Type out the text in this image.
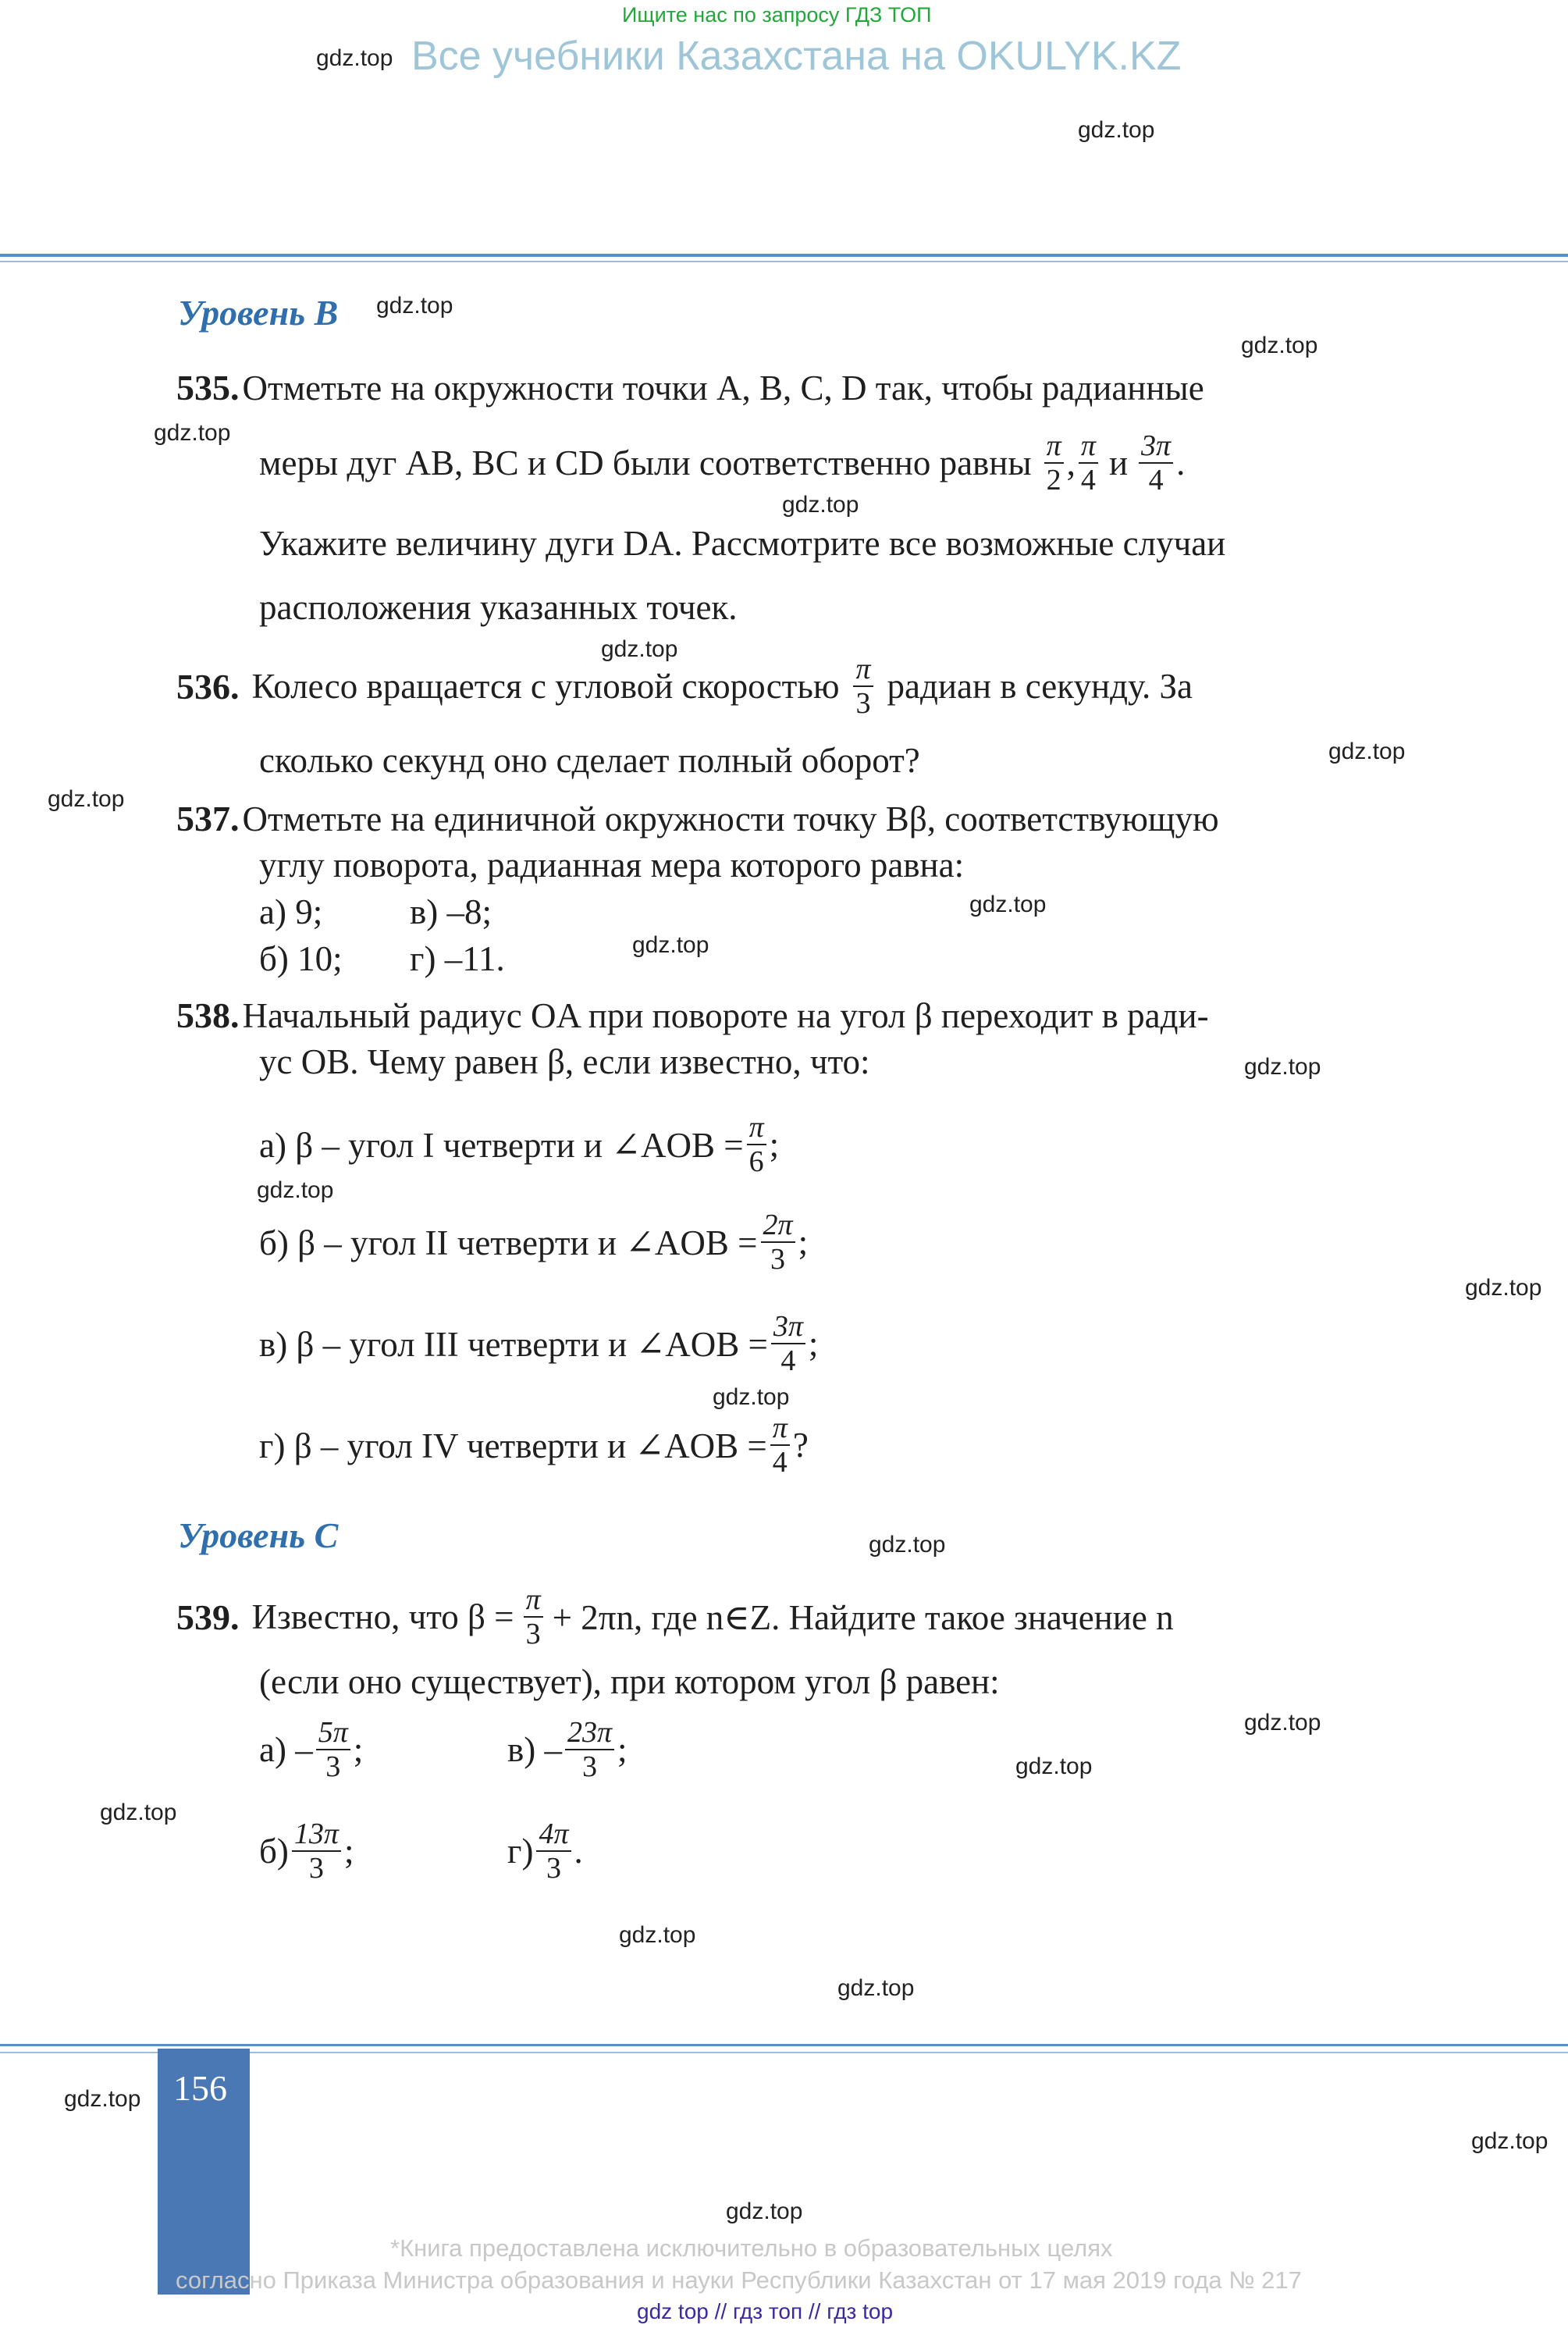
Ищите нас по запросу ГДЗ ТОП
gdz.top Все учебники Казахстана на OKULYK.KZ
gdz.top
Уровень В gdz.top
gdz.top
535. Отметьте на окружности точки A, B, C, D так, чтобы радианные
gdz.top
меры дуг AB, BC и CD были соответственно равны $\frac{\pi}{2}$ , $\frac{\pi}{4}$ и $\frac{3\pi}{4}$ .
gdz.top
Укажите величину дуги DA. Рассмотрите все возможные случаи
расположения указанных точек.
gdz.top
536. Колесо вращается с угловой скоростью $\frac{\pi}{3}$ радиан в секунду. За
gdz.top
сколько секунд оно сделает полный оборот?
gdz.top 537. Отметьте на единичной окружности точку Bβ, соответствующую
углу поворота, радианная мера которого равна:
а) 9; в) –8;	gdz.top
б) 10; г) –11.	gdz.top
538. Начальный радиус OA при повороте на угол β переходит в ради-
ус OB. Чему равен β, если известно, что:	gdz.top
а) β – угол I четверти и ∠AOB = $\frac{\pi}{6}$ ;
gdz.top
б) β – угол II четверти и ∠AOB = $\frac{2\pi}{3}$ ;
gdz.top
в) β – угол III четверти и ∠AOB = $\frac{3\pi}{4}$ ;
gdz.top
г) β – угол IV четверти и ∠AOB = $\frac{\pi}{4}$ ?
Уровень С	gdz.top
539. Известно, что $\beta = \frac{\pi}{3} + 2\pi n$, где n∈Z. Найдите такое значение n
(если оно существует), при котором угол β равен:
gdz.top
$а) - \frac{5\pi}{3}$ ;	$в) - \frac{23\pi}{3}$ ;	gdz.top
gdz.top
$б) \frac{13\pi}{3}$ ;	$г) \frac{4\pi}{3}$ .
gdz.top
gdz.top
156
gdz.top
gdz.top
gdz.top
*Книга предоставлена исключительно в образовательных целях
согласно Приказа Министра образования и науки Республики Казахстан от 17 мая 2019 года № 217
gdz top // гдз топ // гдз top
